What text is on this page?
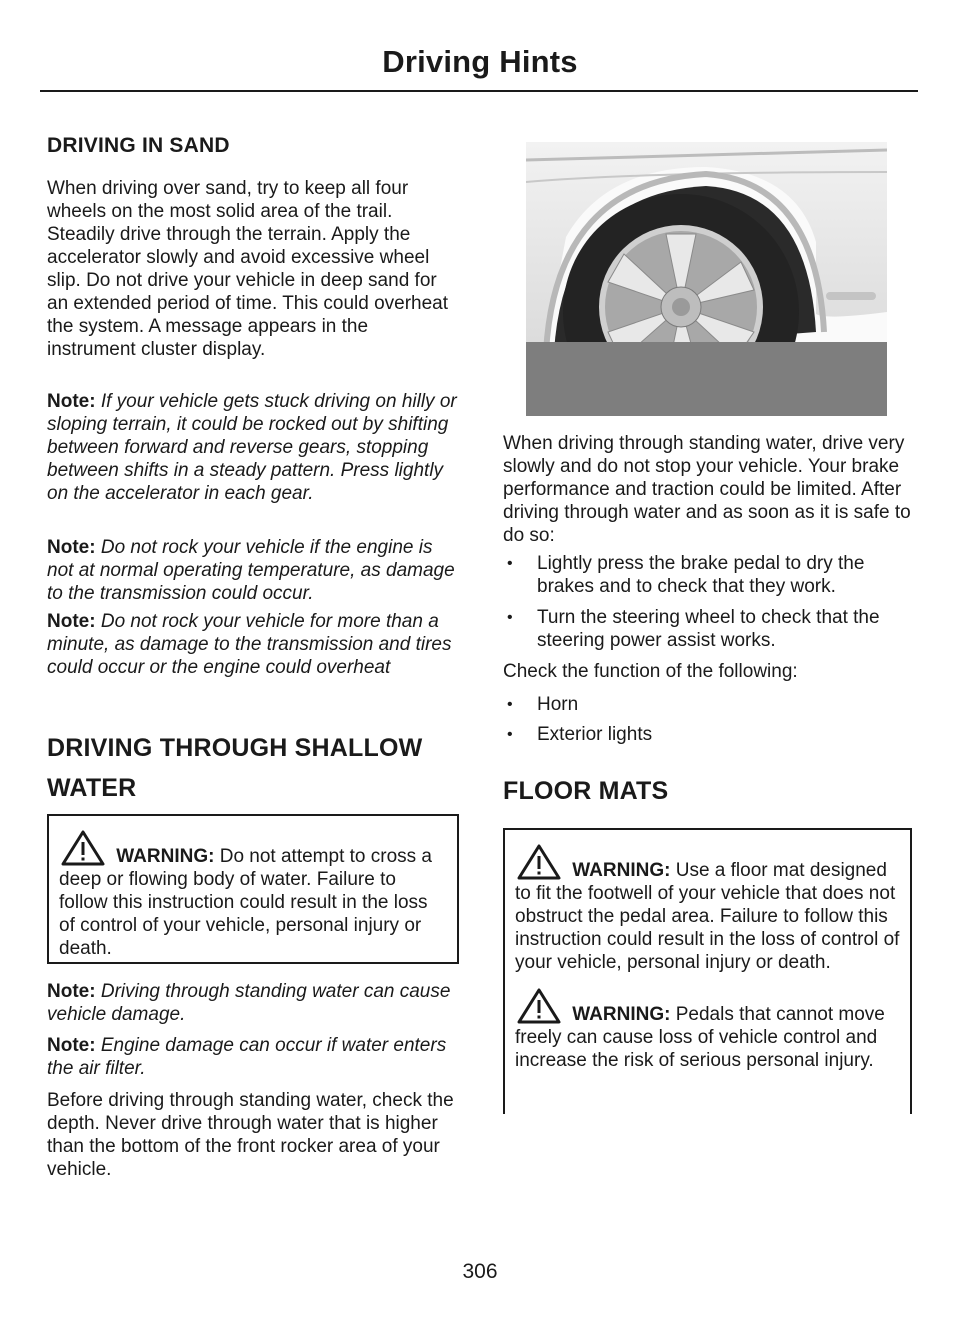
Driving Hints
DRIVING IN SAND

When driving over sand, try to keep all four wheels on the most solid area of the trail. Steadily drive through the terrain. Apply the accelerator slowly and avoid excessive wheel slip. Do not drive your vehicle in deep sand for an extended period of time. This could overheat the system. A message appears in the instrument cluster display.

Note: If your vehicle gets stuck driving on hilly or sloping terrain, it could be rocked out by shifting between forward and reverse gears, stopping between shifts in a steady pattern. Press lightly on the accelerator in each gear.

Note: Do not rock your vehicle if the engine is not at normal operating temperature, as damage to the transmission could occur.

Note: Do not rock your vehicle for more than a minute, as damage to the transmission and tires could occur or the engine could overheat

DRIVING THROUGH SHALLOW
WATER

WARNING: Do not attempt to cross a deep or flowing body of water. Failure to follow this instruction could result in the loss of control of your vehicle, personal injury or death.

Note: Driving through standing water can cause vehicle damage.

Note: Engine damage can occur if water enters the air filter.

Before driving through standing water, check the depth. Never drive through water that is higher than the bottom of the front rocker area of your vehicle.

When driving through standing water, drive very slowly and do not stop your vehicle. Your brake performance and traction could be limited. After driving through water and as soon as it is safe to do so:

• Lightly press the brake pedal to dry the brakes and to check that they work.
• Turn the steering wheel to check that the steering power assist works.

Check the function of the following:

• Horn
• Exterior lights
FLOOR MATS

WARNING: Use a floor mat designed to fit the footwell of your vehicle that does not obstruct the pedal area. Failure to follow this instruction could result in the loss of control of your vehicle, personal injury or death.

WARNING: Pedals that cannot move freely can cause loss of vehicle control and increase the risk of serious personal injury.

306
